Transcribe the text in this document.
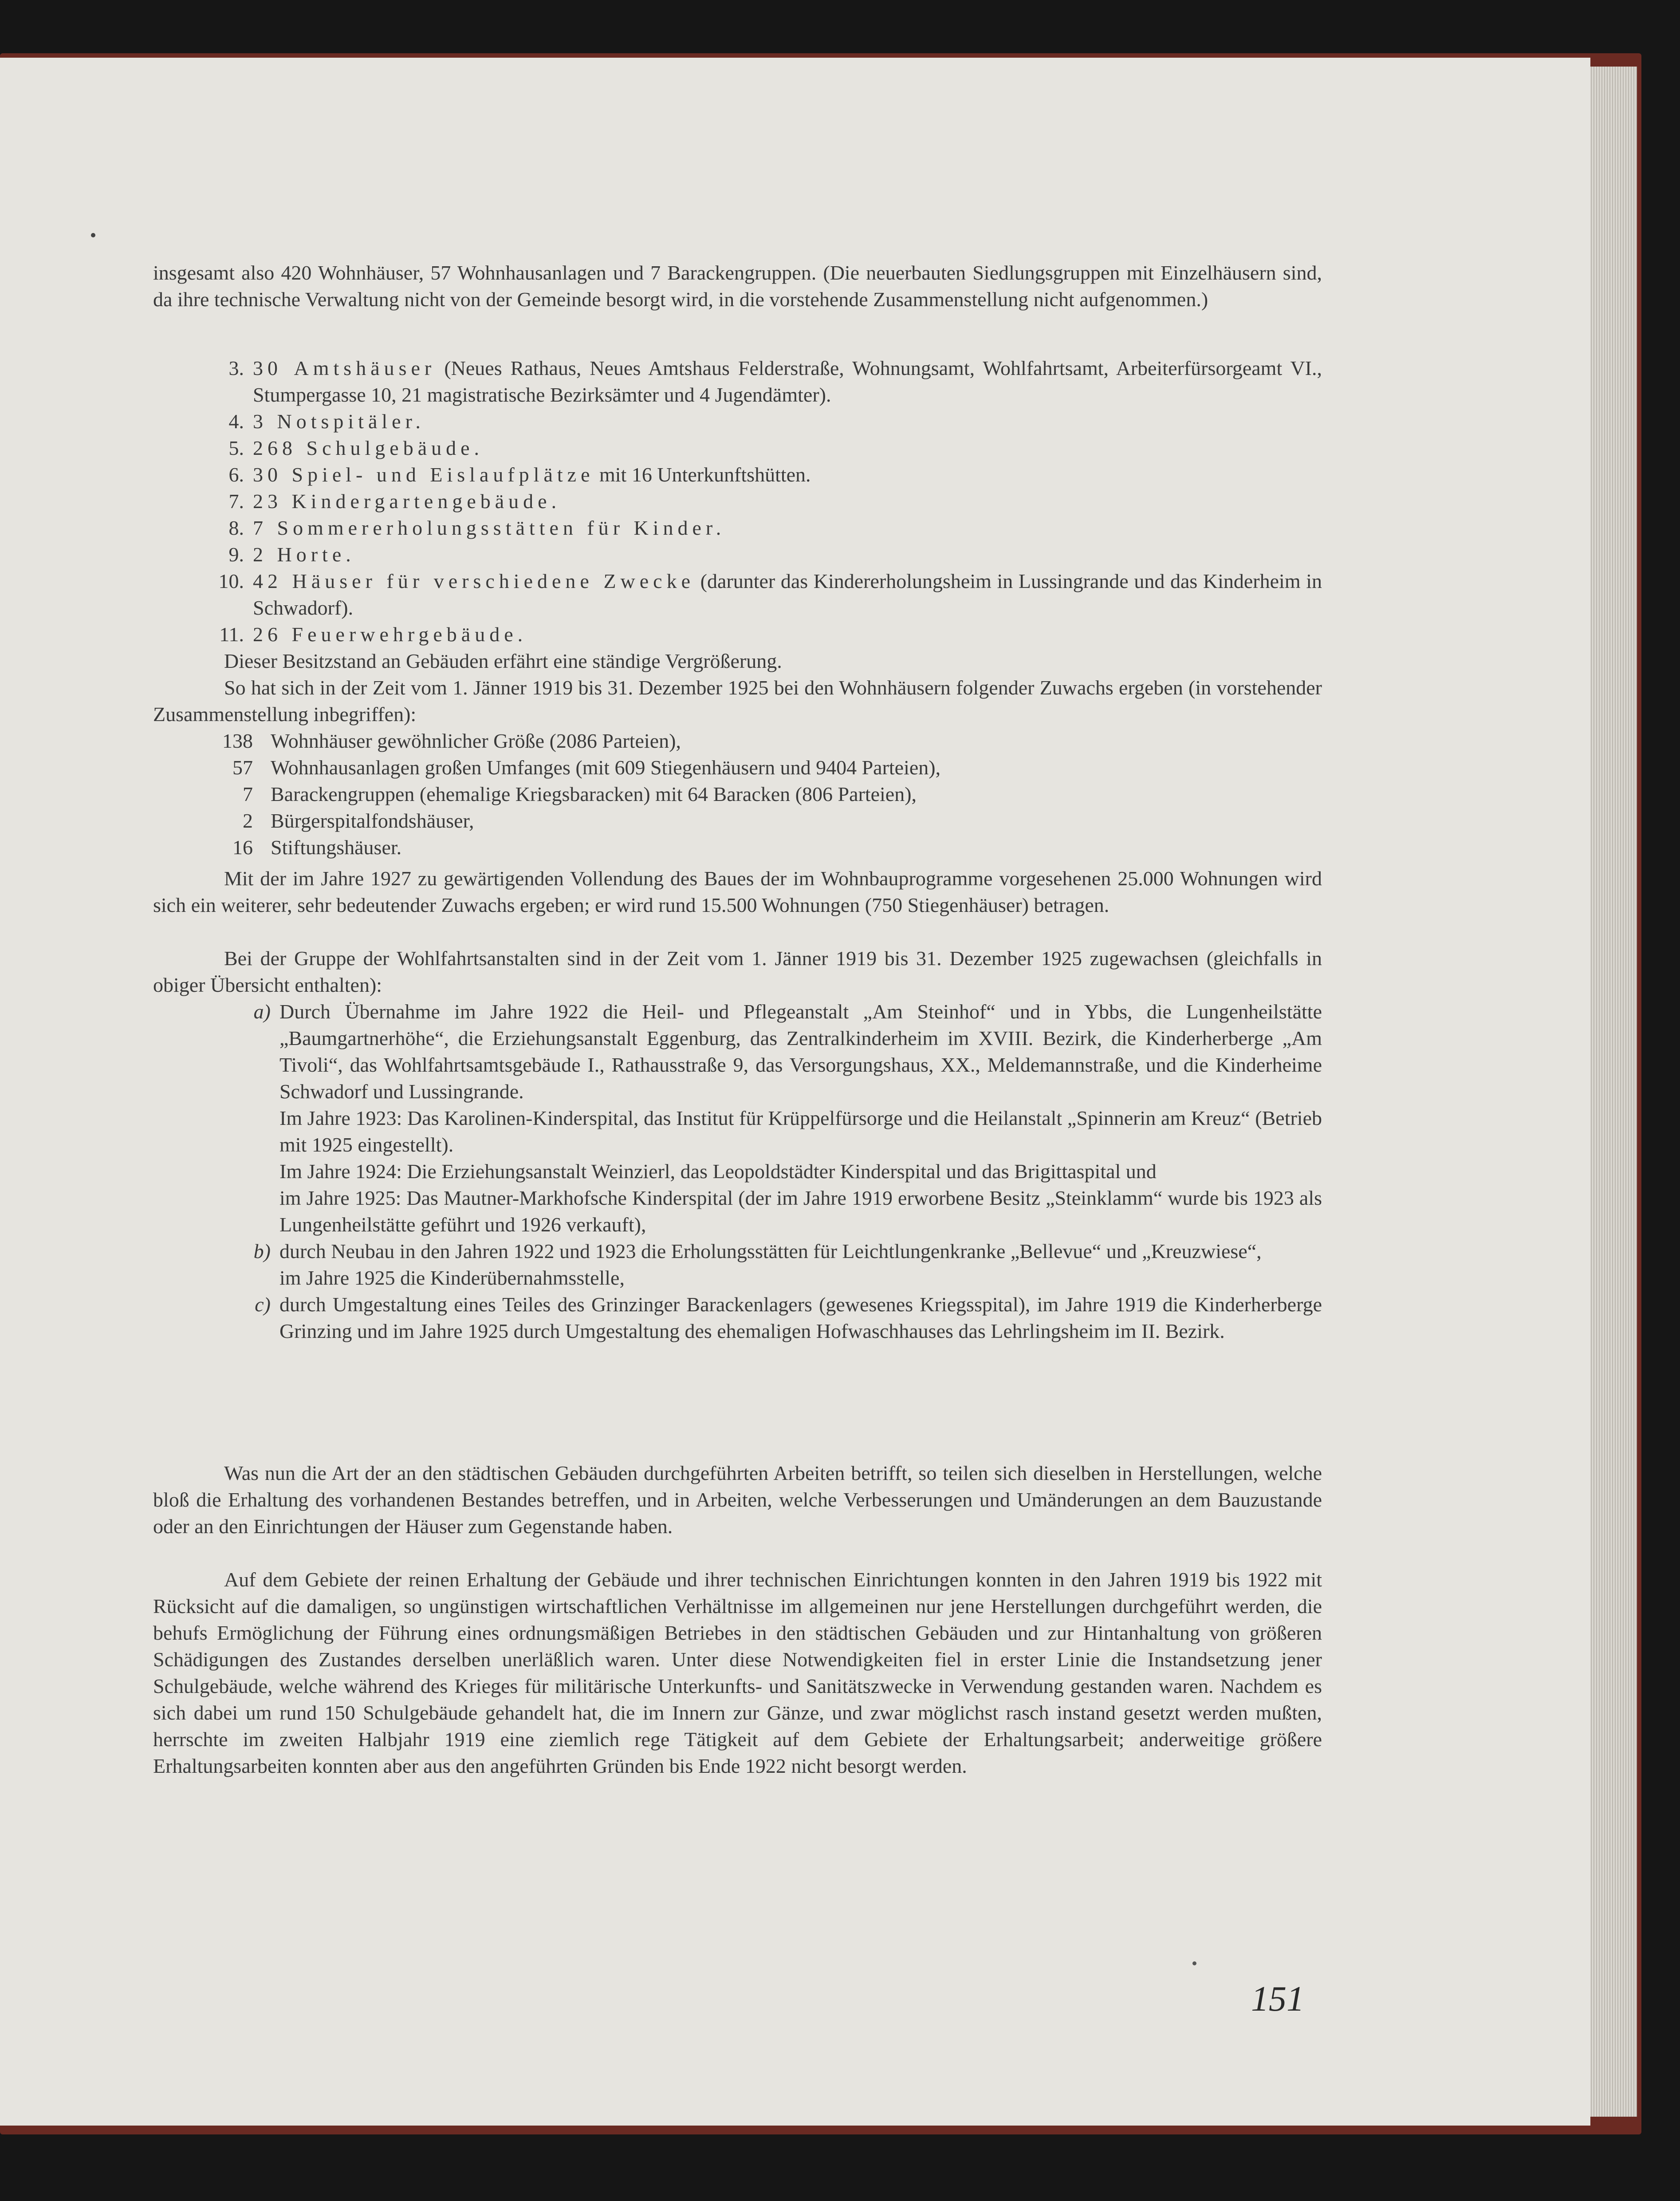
insgesamt also 420 Wohnhäuser, 57 Wohnhausanlagen und 7 Barackengruppen. (Die neuerbauten Siedlungsgruppen mit Einzelhäusern sind, da ihre technische Verwaltung nicht von der Gemeinde besorgt wird, in die vorstehende Zusammenstellung nicht aufgenommen.)

3. 30 Amtshäuser (Neues Rathaus, Neues Amtshaus Felderstraße, Wohnungsamt, Wohlfahrtsamt, Arbeiterfürsorgeamt VI., Stumpergasse 10, 21 magistratische Bezirksämter und 4 Jugendämter).
4. 3 Notspitäler.
5. 268 Schulgebäude.
6. 30 Spiel- und Eislaufplätze mit 16 Unterkunftshütten.
7. 23 Kindergartengebäude.
8. 7 Sommererholungsstätten für Kinder.
9. 2 Horte.
10. 42 Häuser für verschiedene Zwecke (darunter das Kindererholungsheim in Lussingrande und das Kinderheim in Schwadorf).
11. 26 Feuerwehrgebäude.

Dieser Besitzstand an Gebäuden erfährt eine ständige Vergrößerung.

So hat sich in der Zeit vom 1. Jänner 1919 bis 31. Dezember 1925 bei den Wohnhäusern folgender Zuwachs ergeben (in vorstehender Zusammenstellung inbegriffen):

138 Wohnhäuser gewöhnlicher Größe (2086 Parteien),
57 Wohnhausanlagen großen Umfanges (mit 609 Stiegenhäusern und 9404 Parteien),
7 Barackengruppen (ehemalige Kriegsbaracken) mit 64 Baracken (806 Parteien),
2 Bürgerspitalfondshäuser,
16 Stiftungshäuser.

Mit der im Jahre 1927 zu gewärtigenden Vollendung des Baues der im Wohnbauprogramme vorgesehenen 25.000 Wohnungen wird sich ein weiterer, sehr bedeutender Zuwachs ergeben; er wird rund 15.500 Wohnungen (750 Stiegenhäuser) betragen.

Bei der Gruppe der Wohlfahrtsanstalten sind in der Zeit vom 1. Jänner 1919 bis 31. Dezember 1925 zugewachsen (gleichfalls in obiger Übersicht enthalten):

a) Durch Übernahme im Jahre 1922 die Heil- und Pflegeanstalt „Am Steinhof“ und in Ybbs, die Lungenheilstätte „Baumgartnerhöhe“, die Erziehungsanstalt Eggenburg, das Zentralkinderheim im XVIII. Bezirk, die Kinderherberge „Am Tivoli“, das Wohlfahrtsamtsgebäude I., Rathausstraße 9, das Versorgungshaus, XX., Meldemannstraße, und die Kinderheime Schwadorf und Lussingrande.
Im Jahre 1923: Das Karolinen-Kinderspital, das Institut für Krüppelfürsorge und die Heilanstalt „Spinnerin am Kreuz“ (Betrieb mit 1925 eingestellt).
Im Jahre 1924: Die Erziehungsanstalt Weinzierl, das Leopoldstädter Kinderspital und das Brigittaspital und
im Jahre 1925: Das Mautner-Markhofsche Kinderspital (der im Jahre 1919 erworbene Besitz „Steinklamm“ wurde bis 1923 als Lungenheilstätte geführt und 1926 verkauft),
b) durch Neubau in den Jahren 1922 und 1923 die Erholungsstätten für Leichtlungenkranke „Bellevue“ und „Kreuzwiese“,
im Jahre 1925 die Kinderübernahmsstelle,
c) durch Umgestaltung eines Teiles des Grinzinger Barackenlagers (gewesenes Kriegsspital), im Jahre 1919 die Kinderherberge Grinzing und im Jahre 1925 durch Umgestaltung des ehemaligen Hofwaschhauses das Lehrlingsheim im II. Bezirk.

Was nun die Art der an den städtischen Gebäuden durchgeführten Arbeiten betrifft, so teilen sich dieselben in Herstellungen, welche bloß die Erhaltung des vorhandenen Bestandes betreffen, und in Arbeiten, welche Verbesserungen und Umänderungen an dem Bauzustande oder an den Einrichtungen der Häuser zum Gegenstande haben.

Auf dem Gebiete der reinen Erhaltung der Gebäude und ihrer technischen Einrichtungen konnten in den Jahren 1919 bis 1922 mit Rücksicht auf die damaligen, so ungünstigen wirtschaftlichen Verhältnisse im allgemeinen nur jene Herstellungen durchgeführt werden, die behufs Ermöglichung der Führung eines ordnungsmäßigen Betriebes in den städtischen Gebäuden und zur Hintanhaltung von größeren Schädigungen des Zustandes derselben unerläßlich waren. Unter diese Notwendigkeiten fiel in erster Linie die Instandsetzung jener Schulgebäude, welche während des Krieges für militärische Unterkunfts- und Sanitätszwecke in Verwendung gestanden waren. Nachdem es sich dabei um rund 150 Schulgebäude gehandelt hat, die im Innern zur Gänze, und zwar möglichst rasch instand gesetzt werden mußten, herrschte im zweiten Halbjahr 1919 eine ziemlich rege Tätigkeit auf dem Gebiete der Erhaltungsarbeit; anderweitige größere Erhaltungsarbeiten konnten aber aus den angeführten Gründen bis Ende 1922 nicht besorgt werden.

151
